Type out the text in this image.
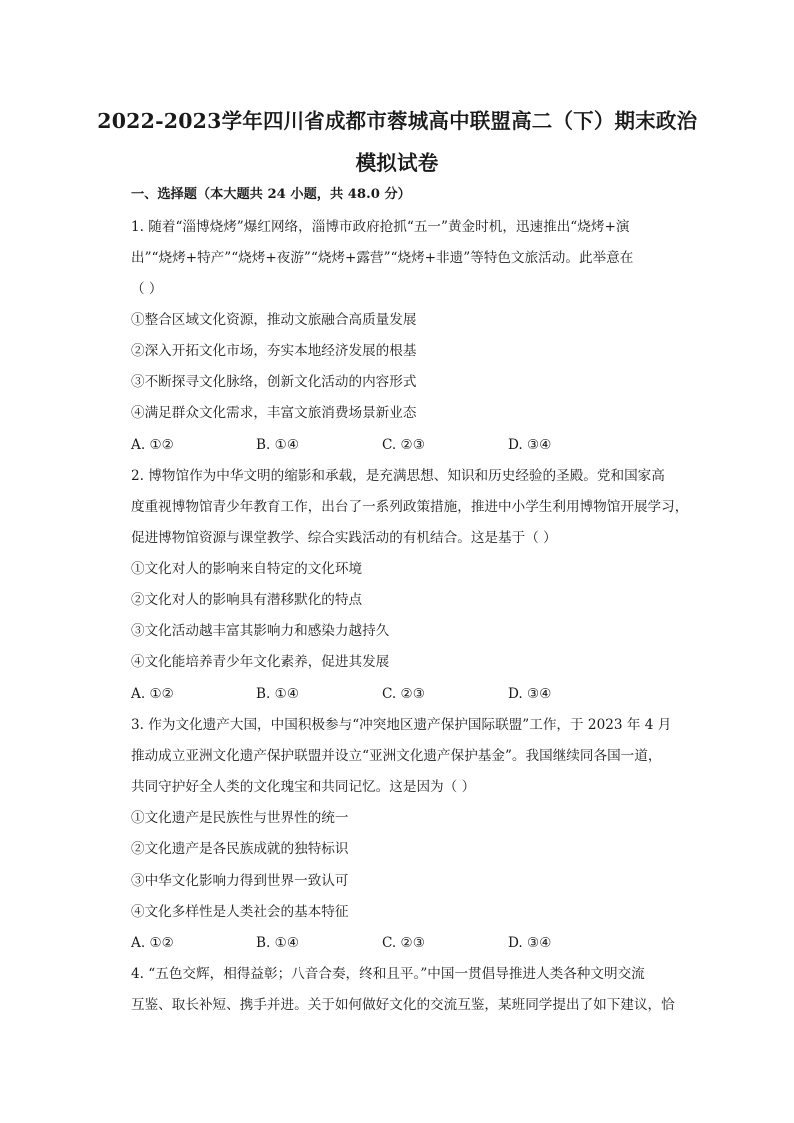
2022-2023学年四川省成都市蓉城高中联盟高二（下）期末政治
模拟试卷
一、选择题（本大题共 24 小题，共 48.0 分）
1. 随着“淄博烧烤”爆红网络，淄博市政府抢抓“五一”黄金时机，迅速推出“烧烤+演
出”“烧烤+特产”“烧烤+夜游”“烧烤+露营”“烧烤+非遗”等特色文旅活动。此举意在
（ ）
①整合区域文化资源，推动文旅融合高质量发展
②深入开拓文化市场，夯实本地经济发展的根基
③不断探寻文化脉络，创新文化活动的内容形式
④满足群众文化需求，丰富文旅消费场景新业态
A. ①②	B. ①④	C. ②③	D. ③④
2. 博物馆作为中华文明的缩影和承载，是充满思想、知识和历史经验的圣殿。党和国家高
度重视博物馆青少年教育工作，出台了一系列政策措施，推进中小学生利用博物馆开展学习，
促进博物馆资源与课堂教学、综合实践活动的有机结合。这是基于（ ）
①文化对人的影响来自特定的文化环境
②文化对人的影响具有潜移默化的特点
③文化活动越丰富其影响力和感染力越持久
④文化能培养青少年文化素养，促进其发展
A. ①②	B. ①④	C. ②③	D. ③④
3. 作为文化遗产大国，中国积极参与“冲突地区遗产保护国际联盟”工作，于 2023 年 4 月
推动成立亚洲文化遗产保护联盟并设立“亚洲文化遗产保护基金”。我国继续同各国一道，
共同守护好全人类的文化瑰宝和共同记忆。这是因为（ ）
①文化遗产是民族性与世界性的统一
②文化遗产是各民族成就的独特标识
③中华文化影响力得到世界一致认可
④文化多样性是人类社会的基本特征
A. ①②	B. ①④	C. ②③	D. ③④
4. “五色交辉，相得益彰；八音合奏，终和且平。”中国一贯倡导推进人类各种文明交流
互鉴、取长补短、携手并进。关于如何做好文化的交流互鉴，某班同学提出了如下建议，恰
